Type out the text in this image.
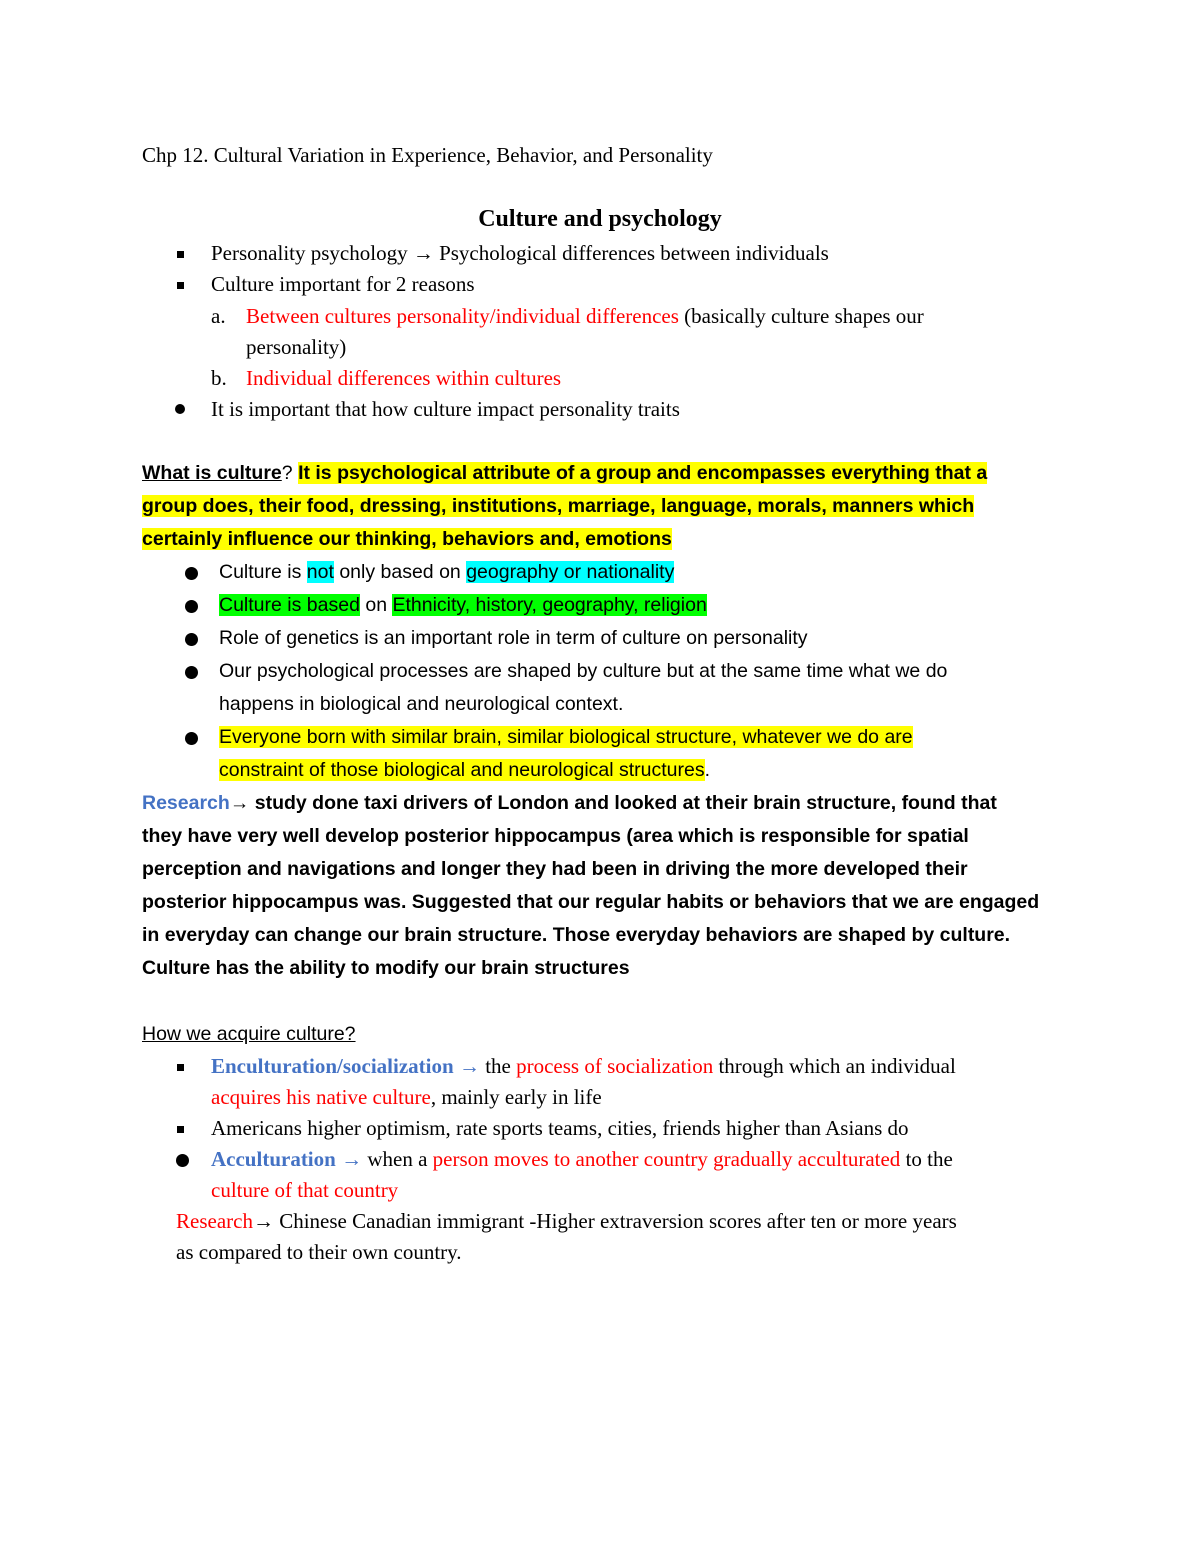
Chp 12. Cultural Variation in Experience, Behavior, and Personality
Culture and psychology
Personality psychology → Psychological differences between individuals
Culture important for 2 reasons
a. Between cultures personality/individual differences (basically culture shapes our
personality)
b. Individual differences within cultures
It is important that how culture impact personality traits
What is culture? It is psychological attribute of a group and encompasses everything that a
group does, their food, dressing, institutions, marriage, language, morals, manners which
certainly influence our thinking, behaviors and, emotions
Culture is not only based on geography or nationality
Culture is based on Ethnicity, history, geography, religion
Role of genetics is an important role in term of culture on personality
Our psychological processes are shaped by culture but at the same time what we do
happens in biological and neurological context.
Everyone born with similar brain, similar biological structure, whatever we do are
constraint of those biological and neurological structures.
Research→ study done taxi drivers of London and looked at their brain structure, found that
they have very well develop posterior hippocampus (area which is responsible for spatial
perception and navigations and longer they had been in driving the more developed their
posterior hippocampus was. Suggested that our regular habits or behaviors that we are engaged
in everyday can change our brain structure. Those everyday behaviors are shaped by culture.
Culture has the ability to modify our brain structures
How we acquire culture?
Enculturation/socialization → the process of socialization through which an individual
acquires his native culture, mainly early in life
Americans higher optimism, rate sports teams, cities, friends higher than Asians do
Acculturation → when a person moves to another country gradually acculturated to the
culture of that country
Research→ Chinese Canadian immigrant -Higher extraversion scores after ten or more years
as compared to their own country.
